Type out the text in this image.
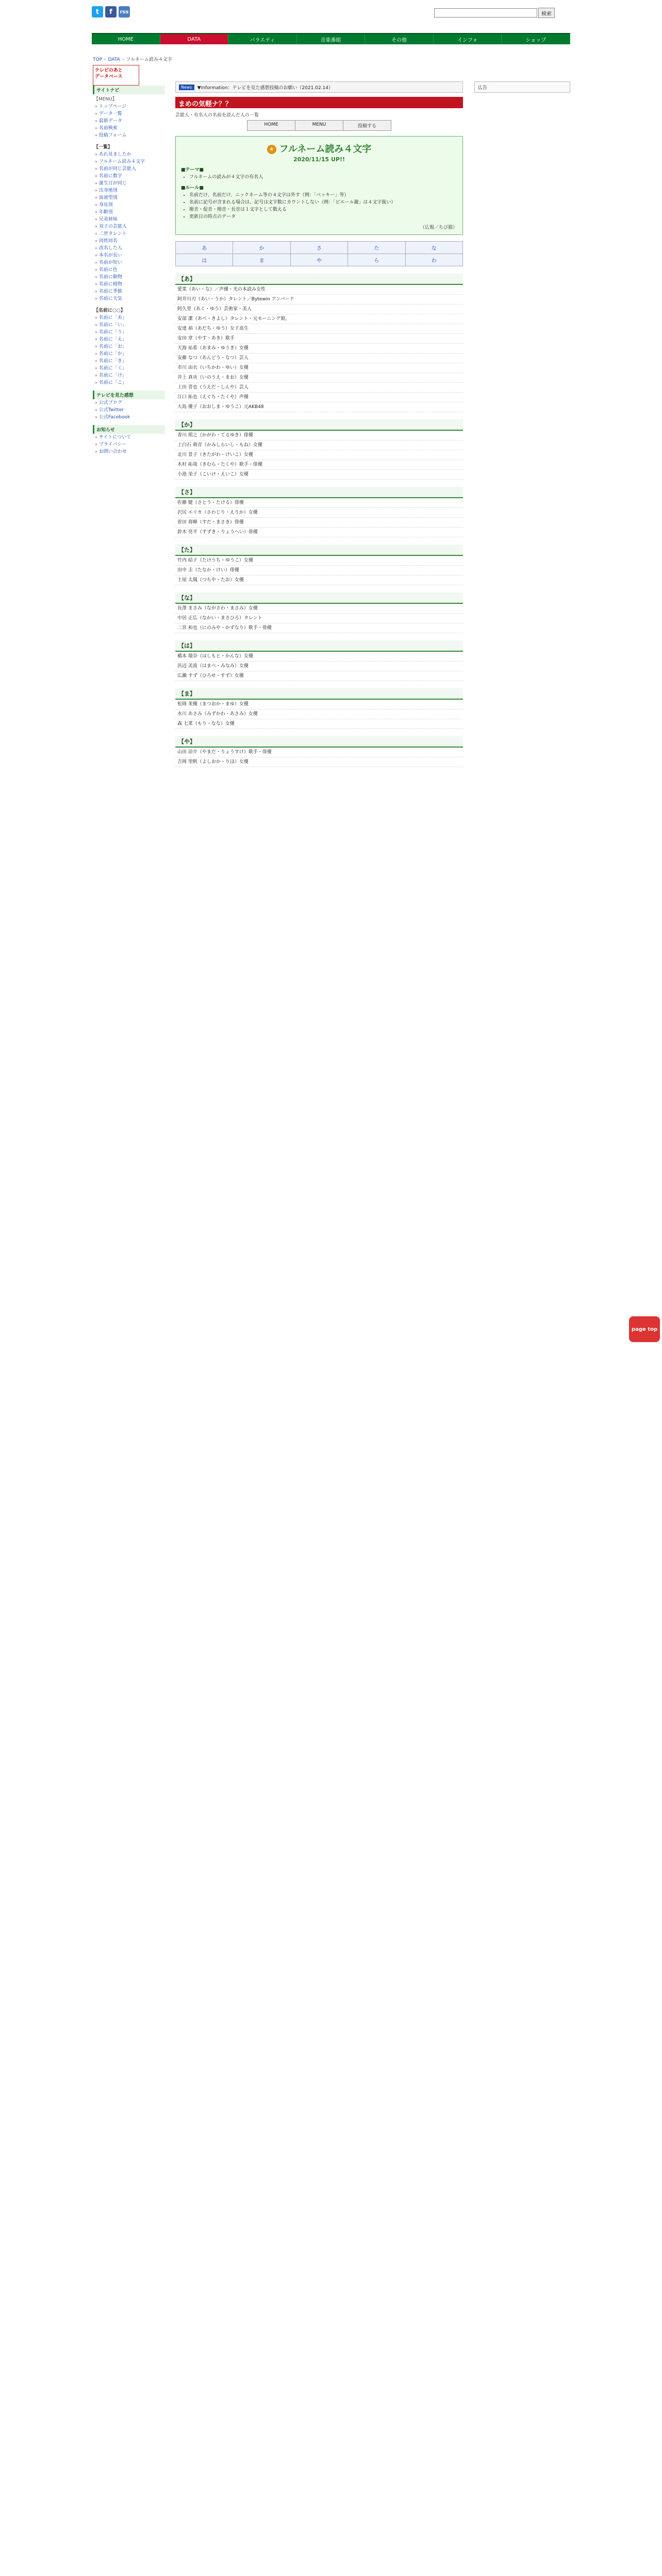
t	f	rss	検索
HOME	DATA	バラエティ	音楽番組	その他	インフォ	ショップ
TOP › DATA › フルネーム読み４文字
テレビのあと
データベース
サイトナビ
【MENU】
» トップページ
» データ一覧
» 最新データ
» 名前検索
» 投稿フォーム
【一覧】
» あれ見ましたか
» フルネーム読み４文字
» 名前が同じ芸能人
» 名前に数字
» 誕生日が同じ
» 出身地別
» 血液型別
» 身長別
» 年齢別
» 兄弟姉妹
» 双子の芸能人
» 二世タレント
» 同姓同名
» 改名した人
» 本名が長い
» 名前が短い
» 名前に色
» 名前に動物
» 名前に植物
» 名前に季節
» 名前に天気
【名前に○○】
» 名前に「あ」
» 名前に「い」
» 名前に「う」
» 名前に「え」
» 名前に「お」
» 名前に「か」
» 名前に「き」
» 名前に「く」
» 名前に「け」
» 名前に「こ」
テレビを見た感想
» 公式ブログ
» 公式Twitter
» 公式Facebook
お知らせ
» サイトについて
» プライバシー
» お問い合わせ
News	▼Information：テレビを見た感想投稿のお願い（2021.02.14）
まめの気軽ナ？？
芸能人・有名人の名前を読んだ人の一覧
HOME	MENU	投稿する
★ フルネーム読み４文字
2020/11/15 UP!!
■テーマ■
• フルネームの読みが４文字の有名人
■ルール■
• 名前だけ、名前だけ、ニックネーム等の４文字は外す（例：「ベッキー」等）
• 名前に記号が含まれる場合は、記号は文字数にカウントしない（例：「ピエール瀧」は４文字扱い）
• 撥音・促音・拗音・長音は１文字として数える
• 更新日の時点のデータ
（広報／ちび猫）
あ	か	さ	た	な
は	ま	や	ら	わ
【あ】
愛菜（あい・な）／声優・光の本読み女性
阿井川刃（あい・うか）タレント／Bytewin アンバード
阿久里（あく・ゆう）芸術家・美人
安部 潔（あべ・きよし）タレント・元モーニング娘。
安達 裕（あだち・ゆう）女子高生
安田 章（やす・あき）歌手
天海 祐希（あまみ・ゆうき）女優
安藤 なつ（あんどう・なつ）芸人
市川 由衣（いちかわ・ゆい）女優
井上 真央（いのうえ・まお）女優
上田 晋也（うえだ・しんや）芸人
江口 拓也（えぐち・たくや）声優
大島 優子（おおしま・ゆうこ）元AKB48
【か】
香川 照之（かがわ・てるゆき）俳優
上白石 萌音（かみしらいし・もね）女優
北川 景子（きたがわ・けいこ）女優
木村 拓哉（きむら・たくや）歌手・俳優
小池 栄子（こいけ・えいこ）女優
【さ】
佐藤 健（さとう・たける）俳優
沢尻 エリカ（さわじり・えりか）女優
菅田 将暉（すだ・まさき）俳優
鈴木 亮平（すずき・りょうへい）俳優
【た】
竹内 結子（たけうち・ゆうこ）女優
田中 圭（たなか・けい）俳優
土屋 太鳳（つちや・たお）女優
【な】
長澤 まさみ（ながさわ・まさみ）女優
中居 正広（なかい・まさひろ）タレント
二宮 和也（にのみや・かずなり）歌手・俳優
【は】
橋本 環奈（はしもと・かんな）女優
浜辺 美波（はまべ・みなみ）女優
広瀬 すず（ひろせ・すず）女優
【ま】
松岡 茉優（まつおか・まゆ）女優
水川 あさみ（みずかわ・あさみ）女優
森 七菜（もり・なな）女優
【や】
山田 涼介（やまだ・りょうすけ）歌手・俳優
吉岡 里帆（よしおか・りほ）女優
広告
page top
